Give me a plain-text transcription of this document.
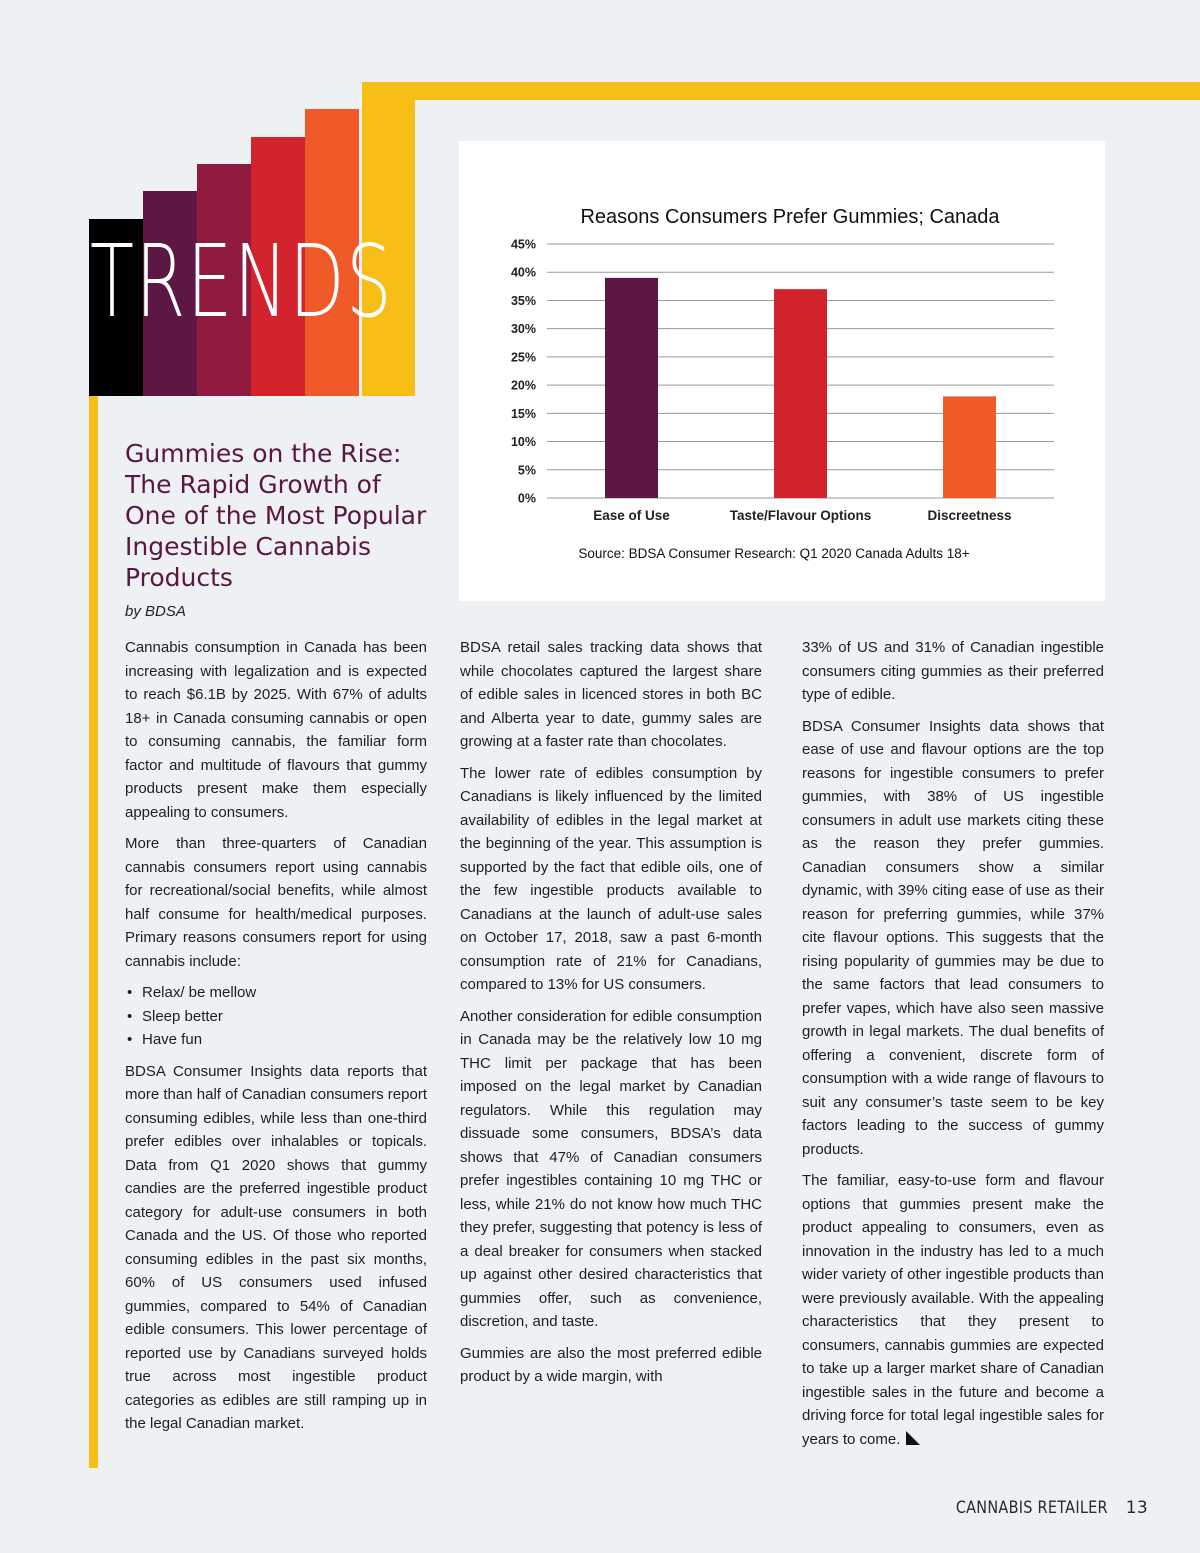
TRENDS
0%
5%
10%
15%
20%
25%
30%
35%
40%
45%
Ease of Use	Taste/Flavour Options	Discreetness
Reasons Consumers Prefer Gummies; Canada
Source: BDSA Consumer Research: Q1 2020 Canada Adults 18+
Gummies on the Rise: The Rapid Growth of One of the Most Popular Ingestible Cannabis Products
by BDSA

Cannabis consumption in Canada has been increasing with legalization and is expected to reach $6.1B by 2025. With 67% of adults 18+ in Canada consuming cannabis or open to consuming cannabis, the familiar form factor and multitude of flavours that gummy products present make them especially appealing to consumers.

More than three-quarters of Canadian cannabis consumers report using cannabis for recreational/social benefits, while almost half consume for health/medical purposes. Primary reasons consumers report for using cannabis include:

• Relax/ be mellow
• Sleep better
• Have fun

BDSA Consumer Insights data reports that more than half of Canadian consumers report consuming edibles, while less than one-third prefer edibles over inhalables or topicals. Data from Q1 2020 shows that gummy candies are the preferred ingestible product category for adult-use consumers in both Canada and the US. Of those who reported consuming edibles in the past six months, 60% of US consumers used infused gummies, compared to 54% of Canadian edible consumers. This lower percentage of reported use by Canadians surveyed holds true across most ingestible product categories as edibles are still ramping up in the legal Canadian market.

BDSA retail sales tracking data shows that while chocolates captured the largest share of edible sales in licenced stores in both BC and Alberta year to date, gummy sales are growing at a faster rate than chocolates.

The lower rate of edibles consumption by Canadians is likely influenced by the limited availability of edibles in the legal market at the beginning of the year. This assumption is supported by the fact that edible oils, one of the few ingestible products available to Canadians at the launch of adult-use sales on October 17, 2018, saw a past 6-month consumption rate of 21% for Canadians, compared to 13% for US consumers.

Another consideration for edible consumption in Canada may be the relatively low 10 mg THC limit per package that has been imposed on the legal market by Canadian regulators. While this regulation may dissuade some consumers, BDSA’s data shows that 47% of Canadian consumers prefer ingestibles containing 10 mg THC or less, while 21% do not know how much THC they prefer, suggesting that potency is less of a deal breaker for consumers when stacked up against other desired characteristics that gummies offer, such as convenience, discretion, and taste.

Gummies are also the most preferred edible product by a wide margin, with

33% of US and 31% of Canadian ingestible consumers citing gummies as their preferred type of edible.

BDSA Consumer Insights data shows that ease of use and flavour options are the top reasons for ingestible consumers to prefer gummies, with 38% of US ingestible consumers in adult use markets citing these as the reason they prefer gummies. Canadian consumers show a similar dynamic, with 39% citing ease of use as their reason for preferring gummies, while 37% cite flavour options. This suggests that the rising popularity of gummies may be due to the same factors that lead consumers to prefer vapes, which have also seen massive growth in legal markets. The dual benefits of offering a convenient, discrete form of consumption with a wide range of flavours to suit any consumer’s taste seem to be key factors leading to the success of gummy products.

The familiar, easy-to-use form and flavour options that gummies present make the product appealing to consumers, even as innovation in the industry has led to a much wider variety of other ingestible products than were previously available. With the appealing characteristics that they present to consumers, cannabis gummies are expected to take up a larger market share of Canadian ingestible sales in the future and become a driving force for total legal ingestible sales for years to come.

CANNABIS RETAILER 13
